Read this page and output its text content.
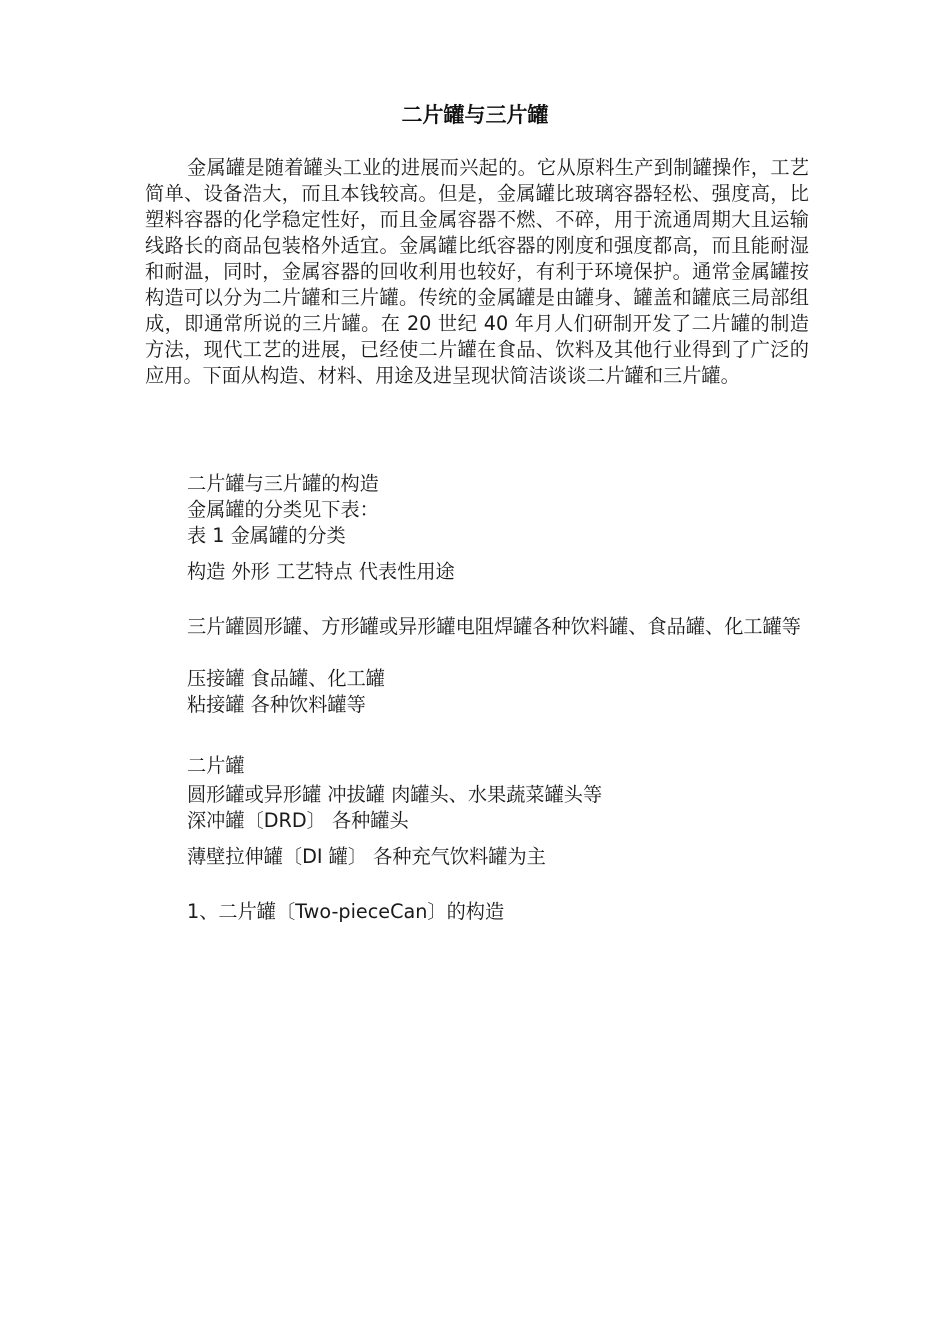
二片罐与三片罐

金属罐是随着罐头工业的进展而兴起的。它从原料生产到制罐操作，工艺简单、设备浩大，而且本钱较高。但是，金属罐比玻璃容器轻松、强度高，比塑料容器的化学稳定性好，而且金属容器不燃、不碎，用于流通周期大且运输线路长的商品包装格外适宜。金属罐比纸容器的刚度和强度都高，而且能耐湿和耐温，同时，金属容器的回收利用也较好，有利于环境保护。通常金属罐按构造可以分为二片罐和三片罐。传统的金属罐是由罐身、罐盖和罐底三局部组成，即通常所说的三片罐。在 20 世纪 40 年月人们研制开发了二片罐的制造方法，现代工艺的进展，已经使二片罐在食品、饮料及其他行业得到了广泛的应用。下面从构造、材料、用途及进呈现状简洁谈谈二片罐和三片罐。

二片罐与三片罐的构造

金属罐的分类见下表：

表 1 金属罐的分类

构造 外形 工艺特点 代表性用途

三片罐圆形罐、方形罐或异形罐电阻焊罐各种饮料罐、食品罐、化工罐等

压接罐 食品罐、化工罐

粘接罐 各种饮料罐等

二片罐

圆形罐或异形罐 冲拔罐 肉罐头、水果蔬菜罐头等

深冲罐〔DRD〕 各种罐头

薄壁拉伸罐〔DI 罐〕 各种充气饮料罐为主

1、二片罐〔Two-pieceCan〕的构造
